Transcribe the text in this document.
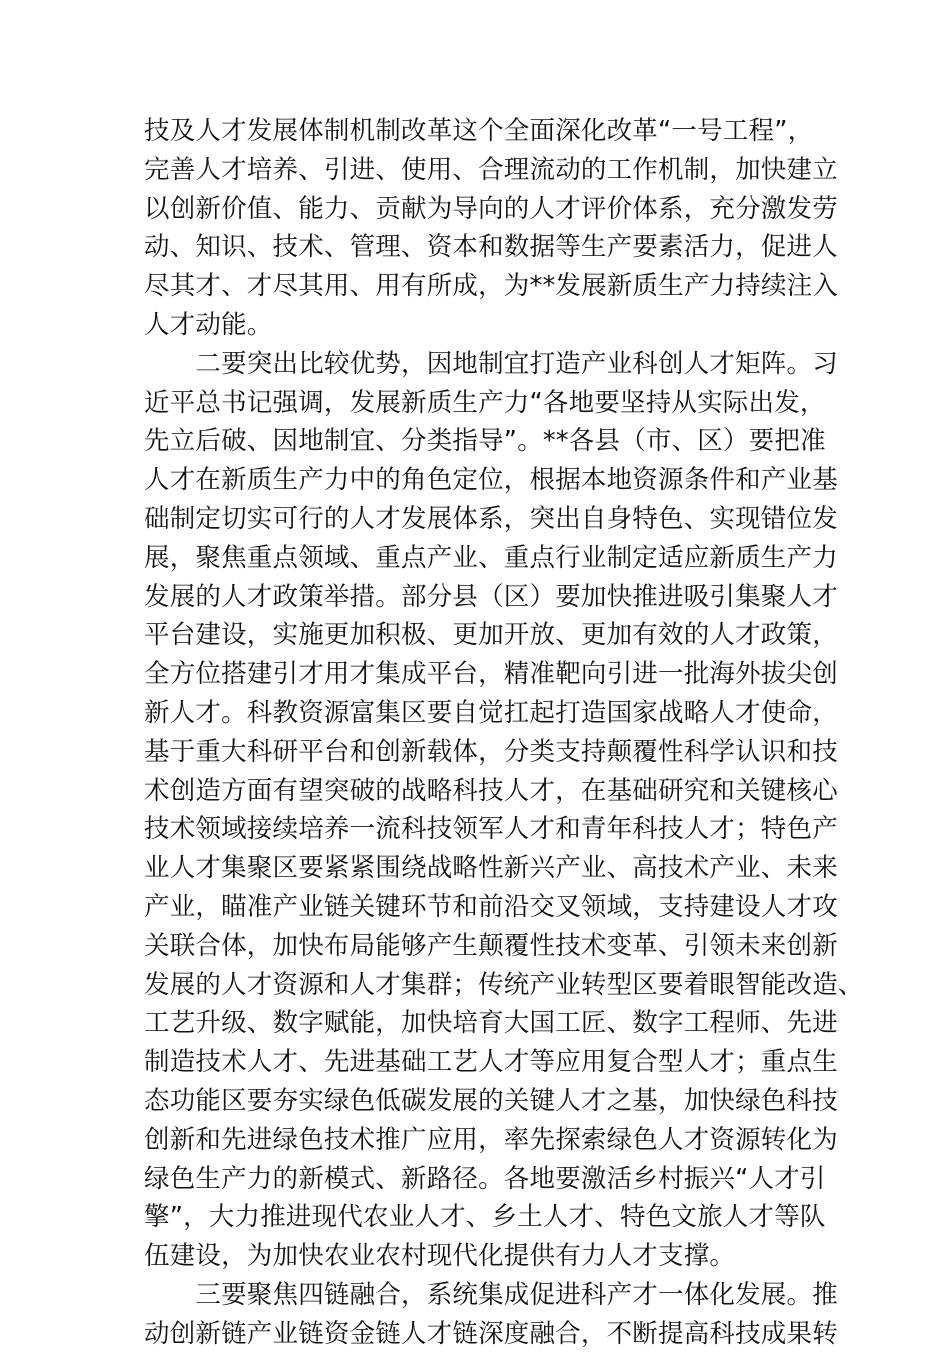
技及人才发展体制机制改革这个全面深化改革“一号工程”，
完善人才培养、引进、使用、合理流动的工作机制，加快建立
以创新价值、能力、贡献为导向的人才评价体系，充分激发劳
动、知识、技术、管理、资本和数据等生产要素活力，促进人
尽其才、才尽其用、用有所成，为**发展新质生产力持续注入
人才动能。
　　二要突出比较优势，因地制宜打造产业科创人才矩阵。习
近平总书记强调，发展新质生产力“各地要坚持从实际出发，
先立后破、因地制宜、分类指导”。**各县（市、区）要把准
人才在新质生产力中的角色定位，根据本地资源条件和产业基
础制定切实可行的人才发展体系，突出自身特色、实现错位发
展，聚焦重点领域、重点产业、重点行业制定适应新质生产力
发展的人才政策举措。部分县（区）要加快推进吸引集聚人才
平台建设，实施更加积极、更加开放、更加有效的人才政策，
全方位搭建引才用才集成平台，精准靶向引进一批海外拔尖创
新人才。科教资源富集区要自觉扛起打造国家战略人才使命，
基于重大科研平台和创新载体，分类支持颠覆性科学认识和技
术创造方面有望突破的战略科技人才，在基础研究和关键核心
技术领域接续培养一流科技领军人才和青年科技人才；特色产
业人才集聚区要紧紧围绕战略性新兴产业、高技术产业、未来
产业，瞄准产业链关键环节和前沿交叉领域，支持建设人才攻
关联合体，加快布局能够产生颠覆性技术变革、引领未来创新
发展的人才资源和人才集群；传统产业转型区要着眼智能改造、
工艺升级、数字赋能，加快培育大国工匠、数字工程师、先进
制造技术人才、先进基础工艺人才等应用复合型人才；重点生
态功能区要夯实绿色低碳发展的关键人才之基，加快绿色科技
创新和先进绿色技术推广应用，率先探索绿色人才资源转化为
绿色生产力的新模式、新路径。各地要激活乡村振兴“人才引
擎”，大力推进现代农业人才、乡土人才、特色文旅人才等队
伍建设，为加快农业农村现代化提供有力人才支撑。
　　三要聚焦四链融合，系统集成促进科产才一体化发展。推
动创新链产业链资金链人才链深度融合，不断提高科技成果转
